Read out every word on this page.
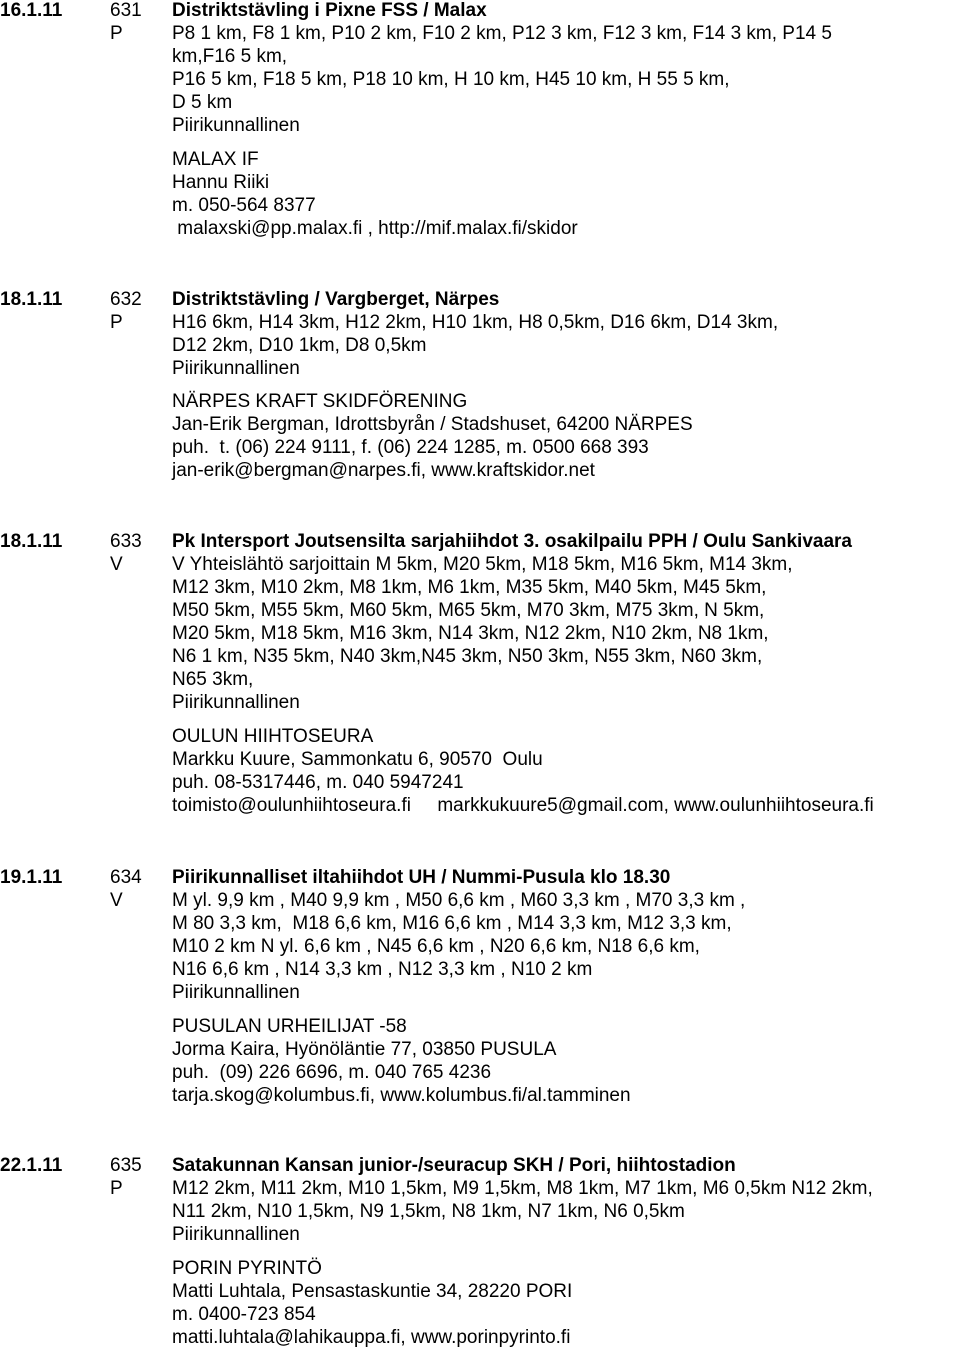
16.1.11	631 Distriktstävling i Pixne FSS / Malax
P	P8 1 km, F8 1 km, P10 2 km, F10 2 km, P12 3 km, F12 3 km, F14 3 km, P14 5
km,F16 5 km,
P16 5 km, F18 5 km, P18 10 km, H 10 km, H45 10 km, H 55 5 km,
D 5 km
Piirikunnallinen
MALAX IF
Hannu Riiki
m. 050-564 8377
malaxski@pp.malax.fi , http://mif.malax.fi/skidor
18.1.11	632 Distriktstävling / Vargberget, Närpes
P	H16 6km, H14 3km, H12 2km, H10 1km, H8 0,5km, D16 6km, D14 3km,
D12 2km, D10 1km, D8 0,5km
Piirikunnallinen
NÄRPES KRAFT SKIDFÖRENING
Jan-Erik Bergman, Idrottsbyrån / Stadshuset, 64200 NÄRPES
puh.  t. (06) 224 9111, f. (06) 224 1285, m. 0500 668 393
jan-erik@bergman@narpes.fi, www.kraftskidor.net
18.1.11	633 Pk Intersport Joutsensilta sarjahiihdot 3. osakilpailu PPH / Oulu Sankivaara
V	V Yhteislähtö sarjoittain M 5km, M20 5km, M18 5km, M16 5km, M14 3km,
M12 3km, M10 2km, M8 1km, M6 1km, M35 5km, M40 5km, M45 5km,
M50 5km, M55 5km, M60 5km, M65 5km, M70 3km, M75 3km, N 5km,
M20 5km, M18 5km, M16 3km, N14 3km, N12 2km, N10 2km, N8 1km,
N6 1 km, N35 5km, N40 3km,N45 3km, N50 3km, N55 3km, N60 3km,
N65 3km,
Piirikunnallinen
OULUN HIIHTOSEURA
Markku Kuure, Sammonkatu 6, 90570  Oulu
puh. 08-5317446, m. 040 5947241
toimisto@oulunhiihtoseura.fi     markkukuure5@gmail.com, www.oulunhiihtoseura.fi
19.1.11	634 Piirikunnalliset iltahiihdot UH / Nummi-Pusula klo 18.30
V	M yl. 9,9 km , M40 9,9 km , M50 6,6 km , M60 3,3 km , M70 3,3 km ,
M 80 3,3 km,  M18 6,6 km, M16 6,6 km , M14 3,3 km, M12 3,3 km,
M10 2 km N yl. 6,6 km , N45 6,6 km , N20 6,6 km, N18 6,6 km,
N16 6,6 km , N14 3,3 km , N12 3,3 km , N10 2 km
Piirikunnallinen
PUSULAN URHEILIJAT -58
Jorma Kaira, Hyönöläntie 77, 03850 PUSULA
puh.  (09) 226 6696, m. 040 765 4236
tarja.skog@kolumbus.fi, www.kolumbus.fi/al.tamminen
22.1.11	635 Satakunnan Kansan junior-/seuracup SKH / Pori, hiihtostadion
P	M12 2km, M11 2km, M10 1,5km, M9 1,5km, M8 1km, M7 1km, M6 0,5km N12 2km,
N11 2km, N10 1,5km, N9 1,5km, N8 1km, N7 1km, N6 0,5km
Piirikunnallinen
PORIN PYRINTÖ
Matti Luhtala, Pensastaskuntie 34, 28220 PORI
m. 0400-723 854
matti.luhtala@lahikauppa.fi, www.porinpyrinto.fi
